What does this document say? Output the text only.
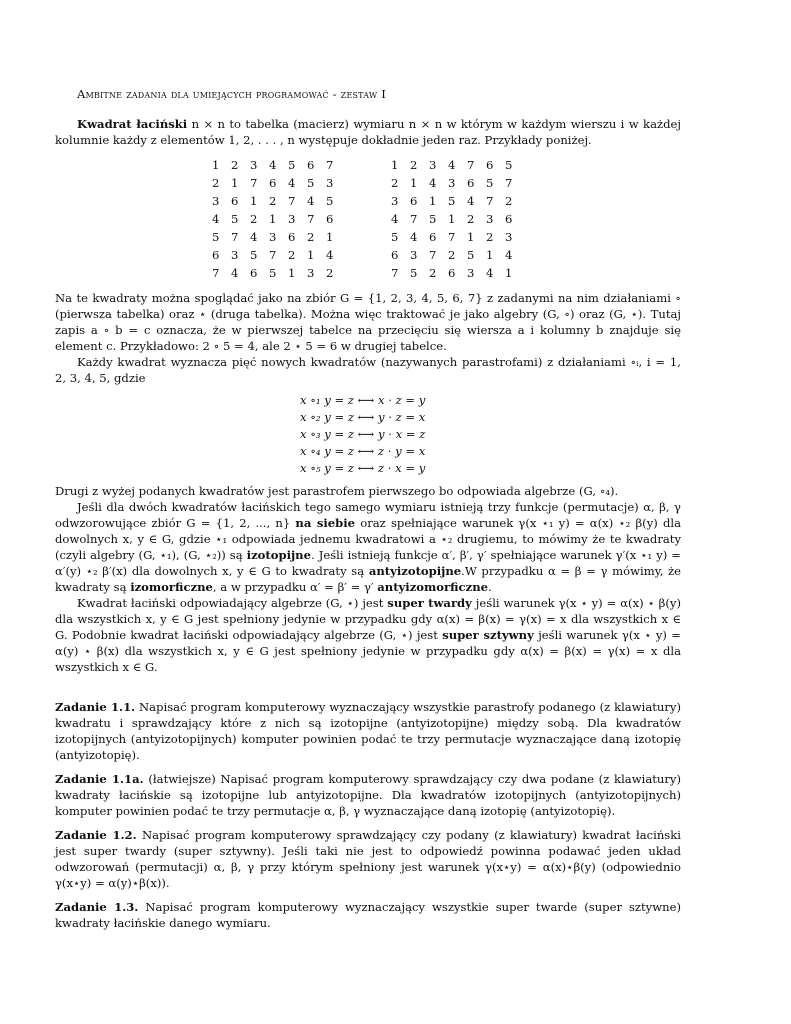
Ambitne zadania dla umiejących programować - zestaw I

Kwadrat łaciński n × n to tabelka (macierz) wymiaru n × n w którym w każdym wierszu i w każdej kolumnie każdy z elementów 1, 2, . . . , n występuje dokładnie jeden raz. Przykłady poniżej.

1	2	3	4	5	6	7
2	1	7	6	4	5	3
3	6	1	2	7	4	5
4	5	2	1	3	7	6
5	7	4	3	6	2	1
6	3	5	7	2	1	4
7	4	6	5	1	3	2
1	2	3	4	7	6	5
2	1	4	3	6	5	7
3	6	1	5	4	7	2
4	7	5	1	2	3	6
5	4	6	7	1	2	3
6	3	7	2	5	1	4
7	5	2	6	3	4	1

Na te kwadraty można spoglądać jako na zbiór G = {1, 2, 3, 4, 5, 6, 7} z zadanymi na nim działaniami ∘ (pierwsza tabelka) oraz ⋆ (druga tabelka). Można więc traktować je jako algebry (G, ∘) oraz (G, ⋆). Tutaj zapis a ∘ b = c oznacza, że w pierwszej tabelce na przecięciu się wiersza a i kolumny b znajduje się element c. Przykładowo: 2 ∘ 5 = 4, ale 2 ⋆ 5 = 6 w drugiej tabelce.

Każdy kwadrat wyznacza pięć nowych kwadratów (nazywanych parastrofami) z działaniami ∘ᵢ, i = 1, 2, 3, 4, 5, gdzie

x ∘₁ y = z ⟷ x · z = y
x ∘₂ y = z ⟷ y · z = x
x ∘₃ y = z ⟷ y · x = z
x ∘₄ y = z ⟷ z · y = x
x ∘₅ y = z ⟷ z · x = y

Drugi z wyżej podanych kwadratów jest parastrofem pierwszego bo odpowiada algebrze (G, ∘₄).

Jeśli dla dwóch kwadratów łacińskich tego samego wymiaru istnieją trzy funkcje (permutacje) α, β, γ odwzorowujące zbiór G = {1, 2, ..., n} na siebie oraz spełniające warunek γ(x ⋆₁ y) = α(x) ⋆₂ β(y) dla dowolnych x, y ∈ G, gdzie ⋆₁ odpowiada jednemu kwadratowi a ⋆₂ drugiemu, to mówimy że te kwadraty (czyli algebry (G, ⋆₁), (G, ⋆₂)) są izotopijne. Jeśli istnieją funkcje α′, β′, γ′ spełniające warunek γ′(x ⋆₁ y) = α′(y) ⋆₂ β′(x) dla dowolnych x, y ∈ G to kwadraty są antyizotopijne.W przypadku α = β = γ mówimy, że kwadraty są izomorficzne, a w przypadku α′ = β′ = γ′ antyizomorficzne.

Kwadrat łaciński odpowiadający algebrze (G, ⋆) jest super twardy jeśli warunek γ(x ⋆ y) = α(x) ⋆ β(y) dla wszystkich x, y ∈ G jest spełniony jedynie w przypadku gdy α(x) = β(x) = γ(x) = x dla wszystkich x ∈ G. Podobnie kwadrat łaciński odpowiadający algebrze (G, ⋆) jest super sztywny jeśli warunek γ(x ⋆ y) = α(y) ⋆ β(x) dla wszystkich x, y ∈ G jest spełniony jedynie w przypadku gdy α(x) = β(x) = γ(x) = x dla wszystkich x ∈ G.

Zadanie 1.1. Napisać program komputerowy wyznaczający wszystkie parastrofy podanego (z klawiatury) kwadratu i sprawdzający które z nich są izotopijne (antyizotopijne) między sobą. Dla kwadratów izotopijnych (antyizotopijnych) komputer powinien podać te trzy permutacje wyznaczające daną izotopię (antyizotopię).

Zadanie 1.1a. (łatwiejsze) Napisać program komputerowy sprawdzający czy dwa podane (z klawiatury) kwadraty łacińskie są izotopijne lub antyizotopijne. Dla kwadratów izotopijnych (antyizotopijnych) komputer powinien podać te trzy permutacje α, β, γ wyznaczające daną izotopię (antyizotopię).

Zadanie 1.2. Napisać program komputerowy sprawdzający czy podany (z klawiatury) kwadrat łaciński jest super twardy (super sztywny). Jeśli taki nie jest to odpowiedź powinna podawać jeden układ odwzorowań (permutacji) α, β, γ przy którym spełniony jest warunek γ(x⋆y) = α(x)⋆β(y) (odpowiednio γ(x⋆y) = α(y)⋆β(x)).

Zadanie 1.3. Napisać program komputerowy wyznaczający wszystkie super twarde (super sztywne) kwadraty łacińskie danego wymiaru.
